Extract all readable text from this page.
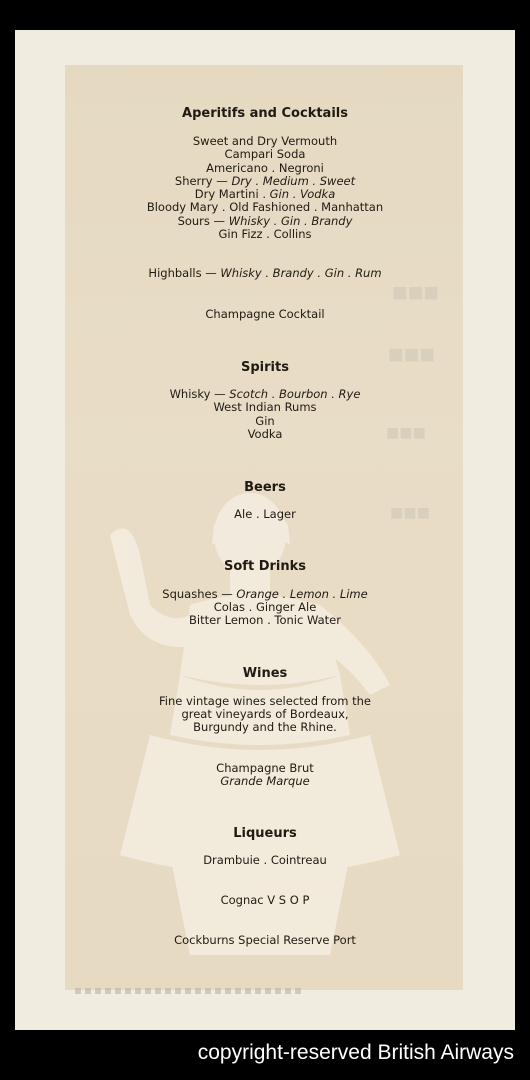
■■■
■■■
■■■
■■■
Aperitifs and Cocktails
Sweet and Dry Vermouth
Campari Soda
Americano . Negroni
Sherry — Dry . Medium . Sweet
Dry Martini . Gin . Vodka
Bloody Mary . Old Fashioned . Manhattan
Sours — Whisky . Gin . Brandy
Gin Fizz . Collins
Highballs — Whisky . Brandy . Gin . Rum
Champagne Cocktail
Spirits
Whisky — Scotch . Bourbon . Rye
West Indian Rums
Gin
Vodka
Beers
Ale . Lager
Soft Drinks
Squashes — Orange . Lemon . Lime
Colas . Ginger Ale
Bitter Lemon . Tonic Water
Wines
Fine vintage wines selected from the
great vineyards of Bordeaux,
Burgundy and the Rhine.
Champagne Brut
Grande Marque
Liqueurs
Drambuie . Cointreau
Cognac V S O P
Cockburns Special Reserve Port
copyright-reserved British Airways
